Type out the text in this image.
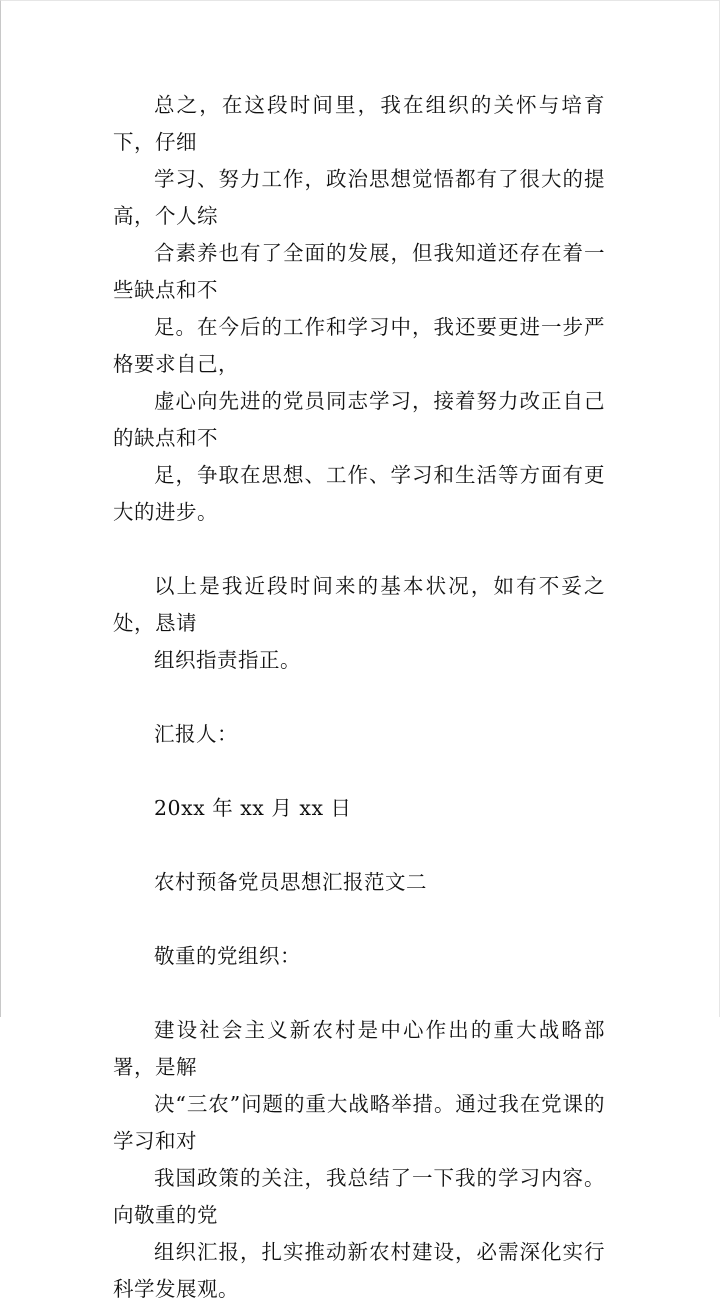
总之，在这段时间里，我在组织的关怀与培育下，仔细
学习、努力工作，政治思想觉悟都有了很大的提高，个人综
合素养也有了全面的发展，但我知道还存在着一些缺点和不
足。在今后的工作和学习中，我还要更进一步严格要求自己，
虚心向先进的党员同志学习，接着努力改正自己的缺点和不
足，争取在思想、工作、学习和生活等方面有更大的进步。

以上是我近段时间来的基本状况，如有不妥之处，恳请
组织指责指正。

汇报人：

20xx 年 xx 月 xx 日

农村预备党员思想汇报范文二

敬重的党组织：

建设社会主义新农村是中心作出的重大战略部署，是解
决“三农”问题的重大战略举措。通过我在党课的学习和对
我国政策的关注，我总结了一下我的学习内容。向敬重的党
组织汇报，扎实推动新农村建设，必需深化实行科学发展观。
